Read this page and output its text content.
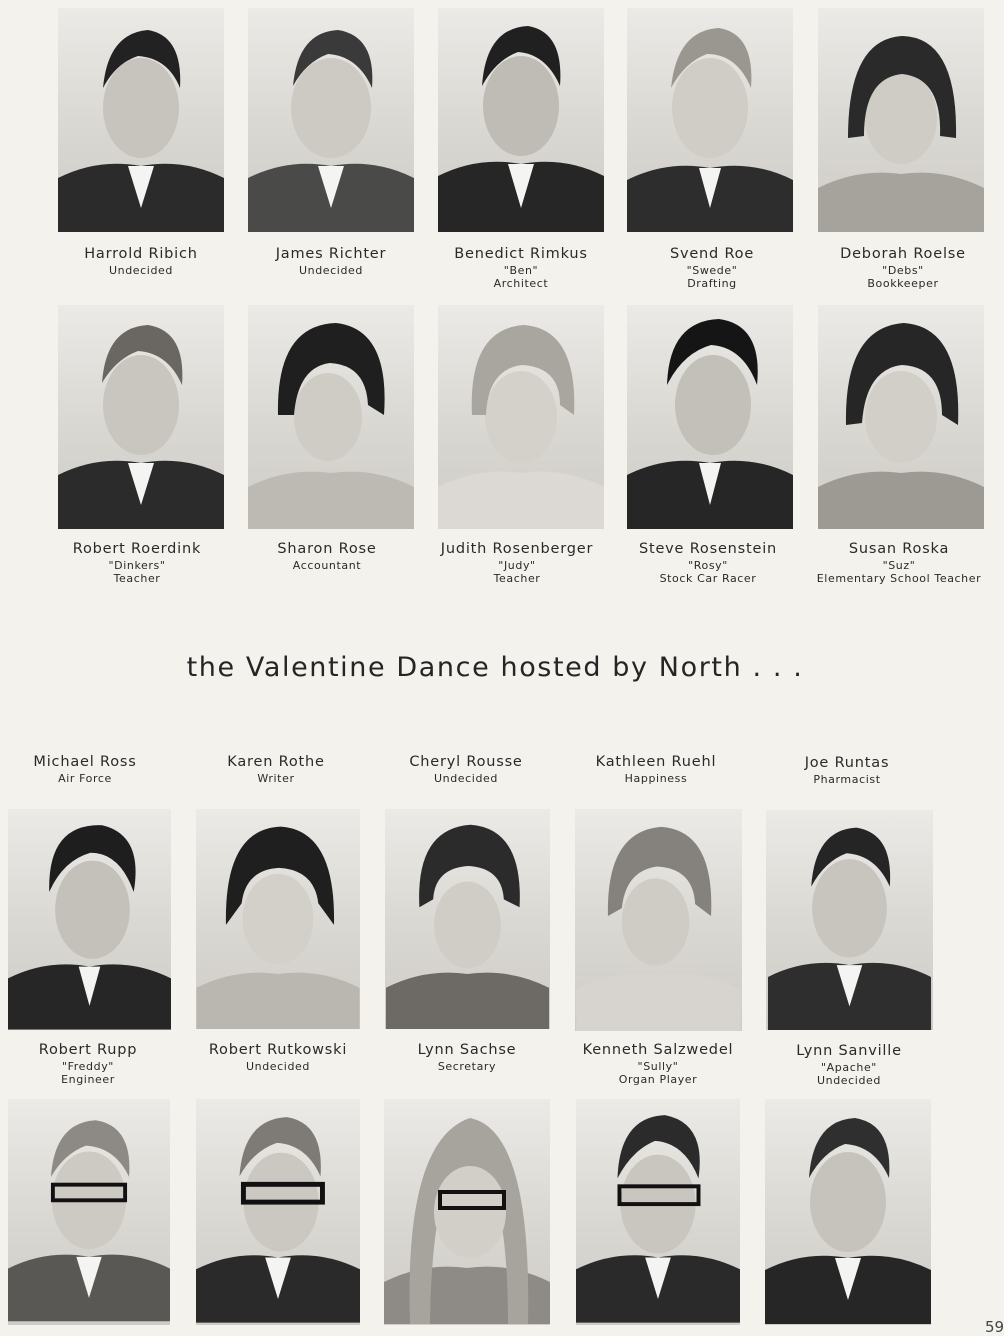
Harrold Ribich
Undecided
James Richter
Undecided
Benedict Rimkus
"Ben"
Architect
Svend Roe
"Swede"
Drafting
Deborah Roelse
"Debs"
Bookkeeper
Robert Roerdink
"Dinkers"
Teacher
Sharon Rose
Accountant
Judith Rosenberger
"Judy"
Teacher
Steve Rosenstein
"Rosy"
Stock Car Racer
Susan Roska
"Suz"
Elementary School Teacher
the Valentine Dance hosted by North . . .
Michael Ross
Air Force
Karen Rothe
Writer
Cheryl Rousse
Undecided
Kathleen Ruehl
Happiness
Joe Runtas
Pharmacist
Robert Rupp
"Freddy"
Engineer
Robert Rutkowski
Undecided
Lynn Sachse
Secretary
Kenneth Salzwedel
"Sully"
Organ Player
Lynn Sanville
"Apache"
Undecided
59
